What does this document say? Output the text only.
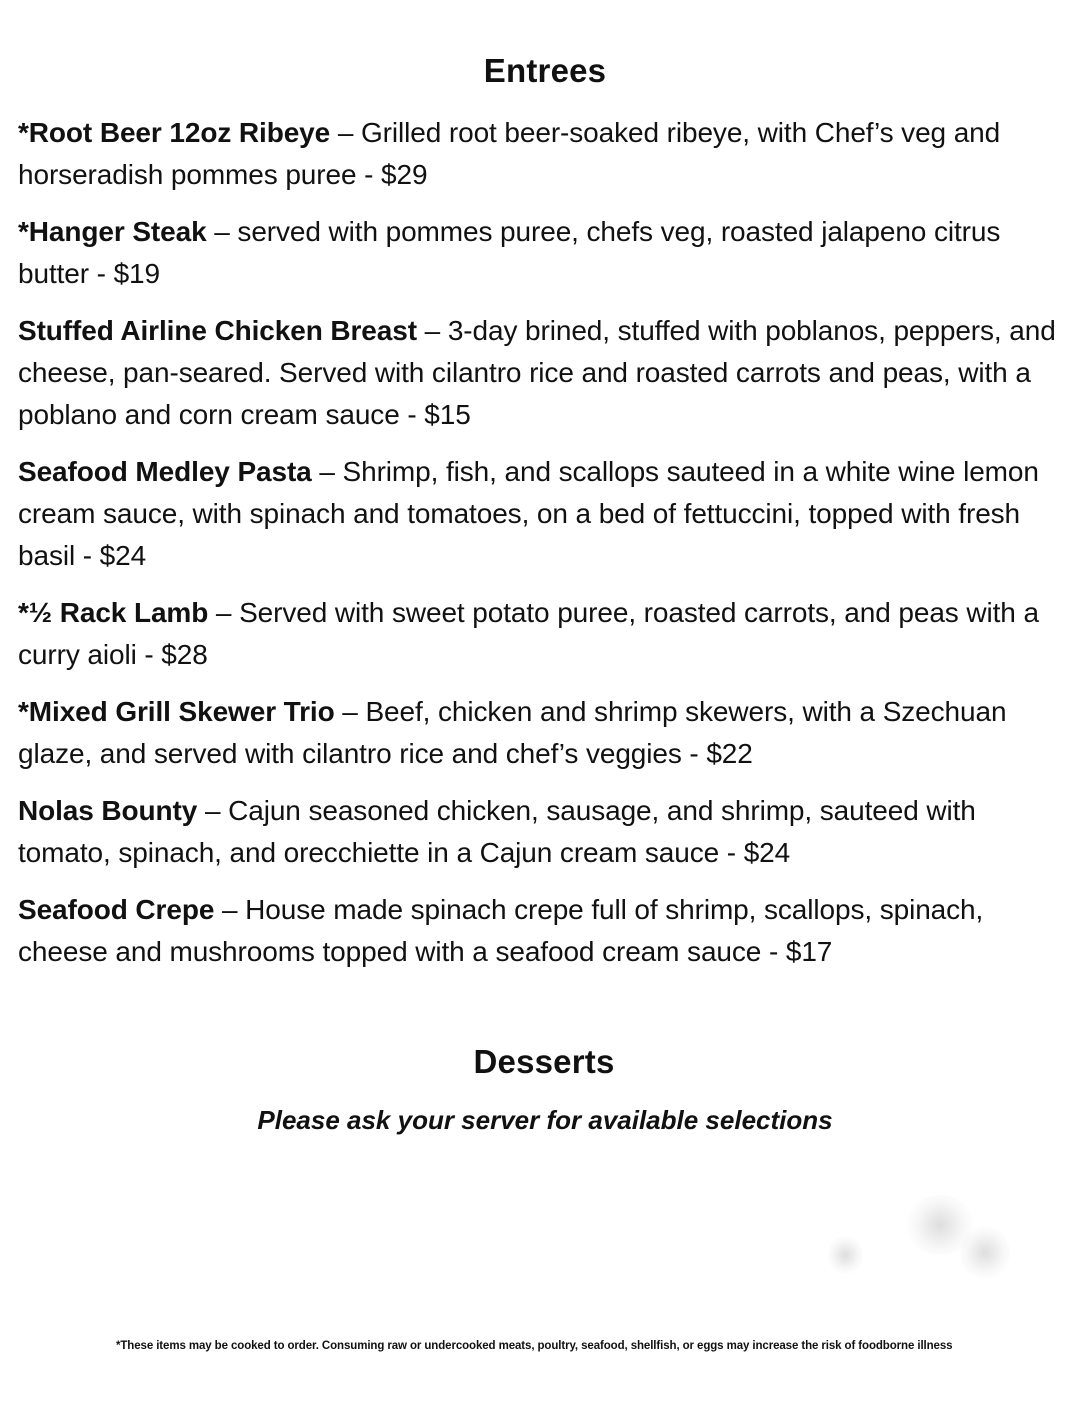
Entrees
*Root Beer 12oz Ribeye – Grilled root beer-soaked ribeye, with Chef’s veg and horseradish pommes puree - $29
*Hanger Steak – served with pommes puree, chefs veg, roasted jalapeno citrus butter - $19
Stuffed Airline Chicken Breast – 3-day brined, stuffed with poblanos, peppers, and cheese, pan-seared. Served with cilantro rice and roasted carrots and peas, with a poblano and corn cream sauce - $15
Seafood Medley Pasta – Shrimp, fish, and scallops sauteed in a white wine lemon cream sauce, with spinach and tomatoes, on a bed of fettuccini, topped with fresh basil - $24
*½ Rack Lamb – Served with sweet potato puree, roasted carrots, and peas with a curry aioli - $28
*Mixed Grill Skewer Trio – Beef, chicken and shrimp skewers, with a Szechuan glaze, and served with cilantro rice and chef’s veggies - $22
Nolas Bounty – Cajun seasoned chicken, sausage, and shrimp, sauteed with tomato, spinach, and orecchiette in a Cajun cream sauce - $24
Seafood Crepe – House made spinach crepe full of shrimp, scallops, spinach, cheese and mushrooms topped with a seafood cream sauce - $17
Desserts
Please ask your server for available selections
*These items may be cooked to order. Consuming raw or undercooked meats, poultry, seafood, shellfish, or eggs may increase the risk of foodborne illness
